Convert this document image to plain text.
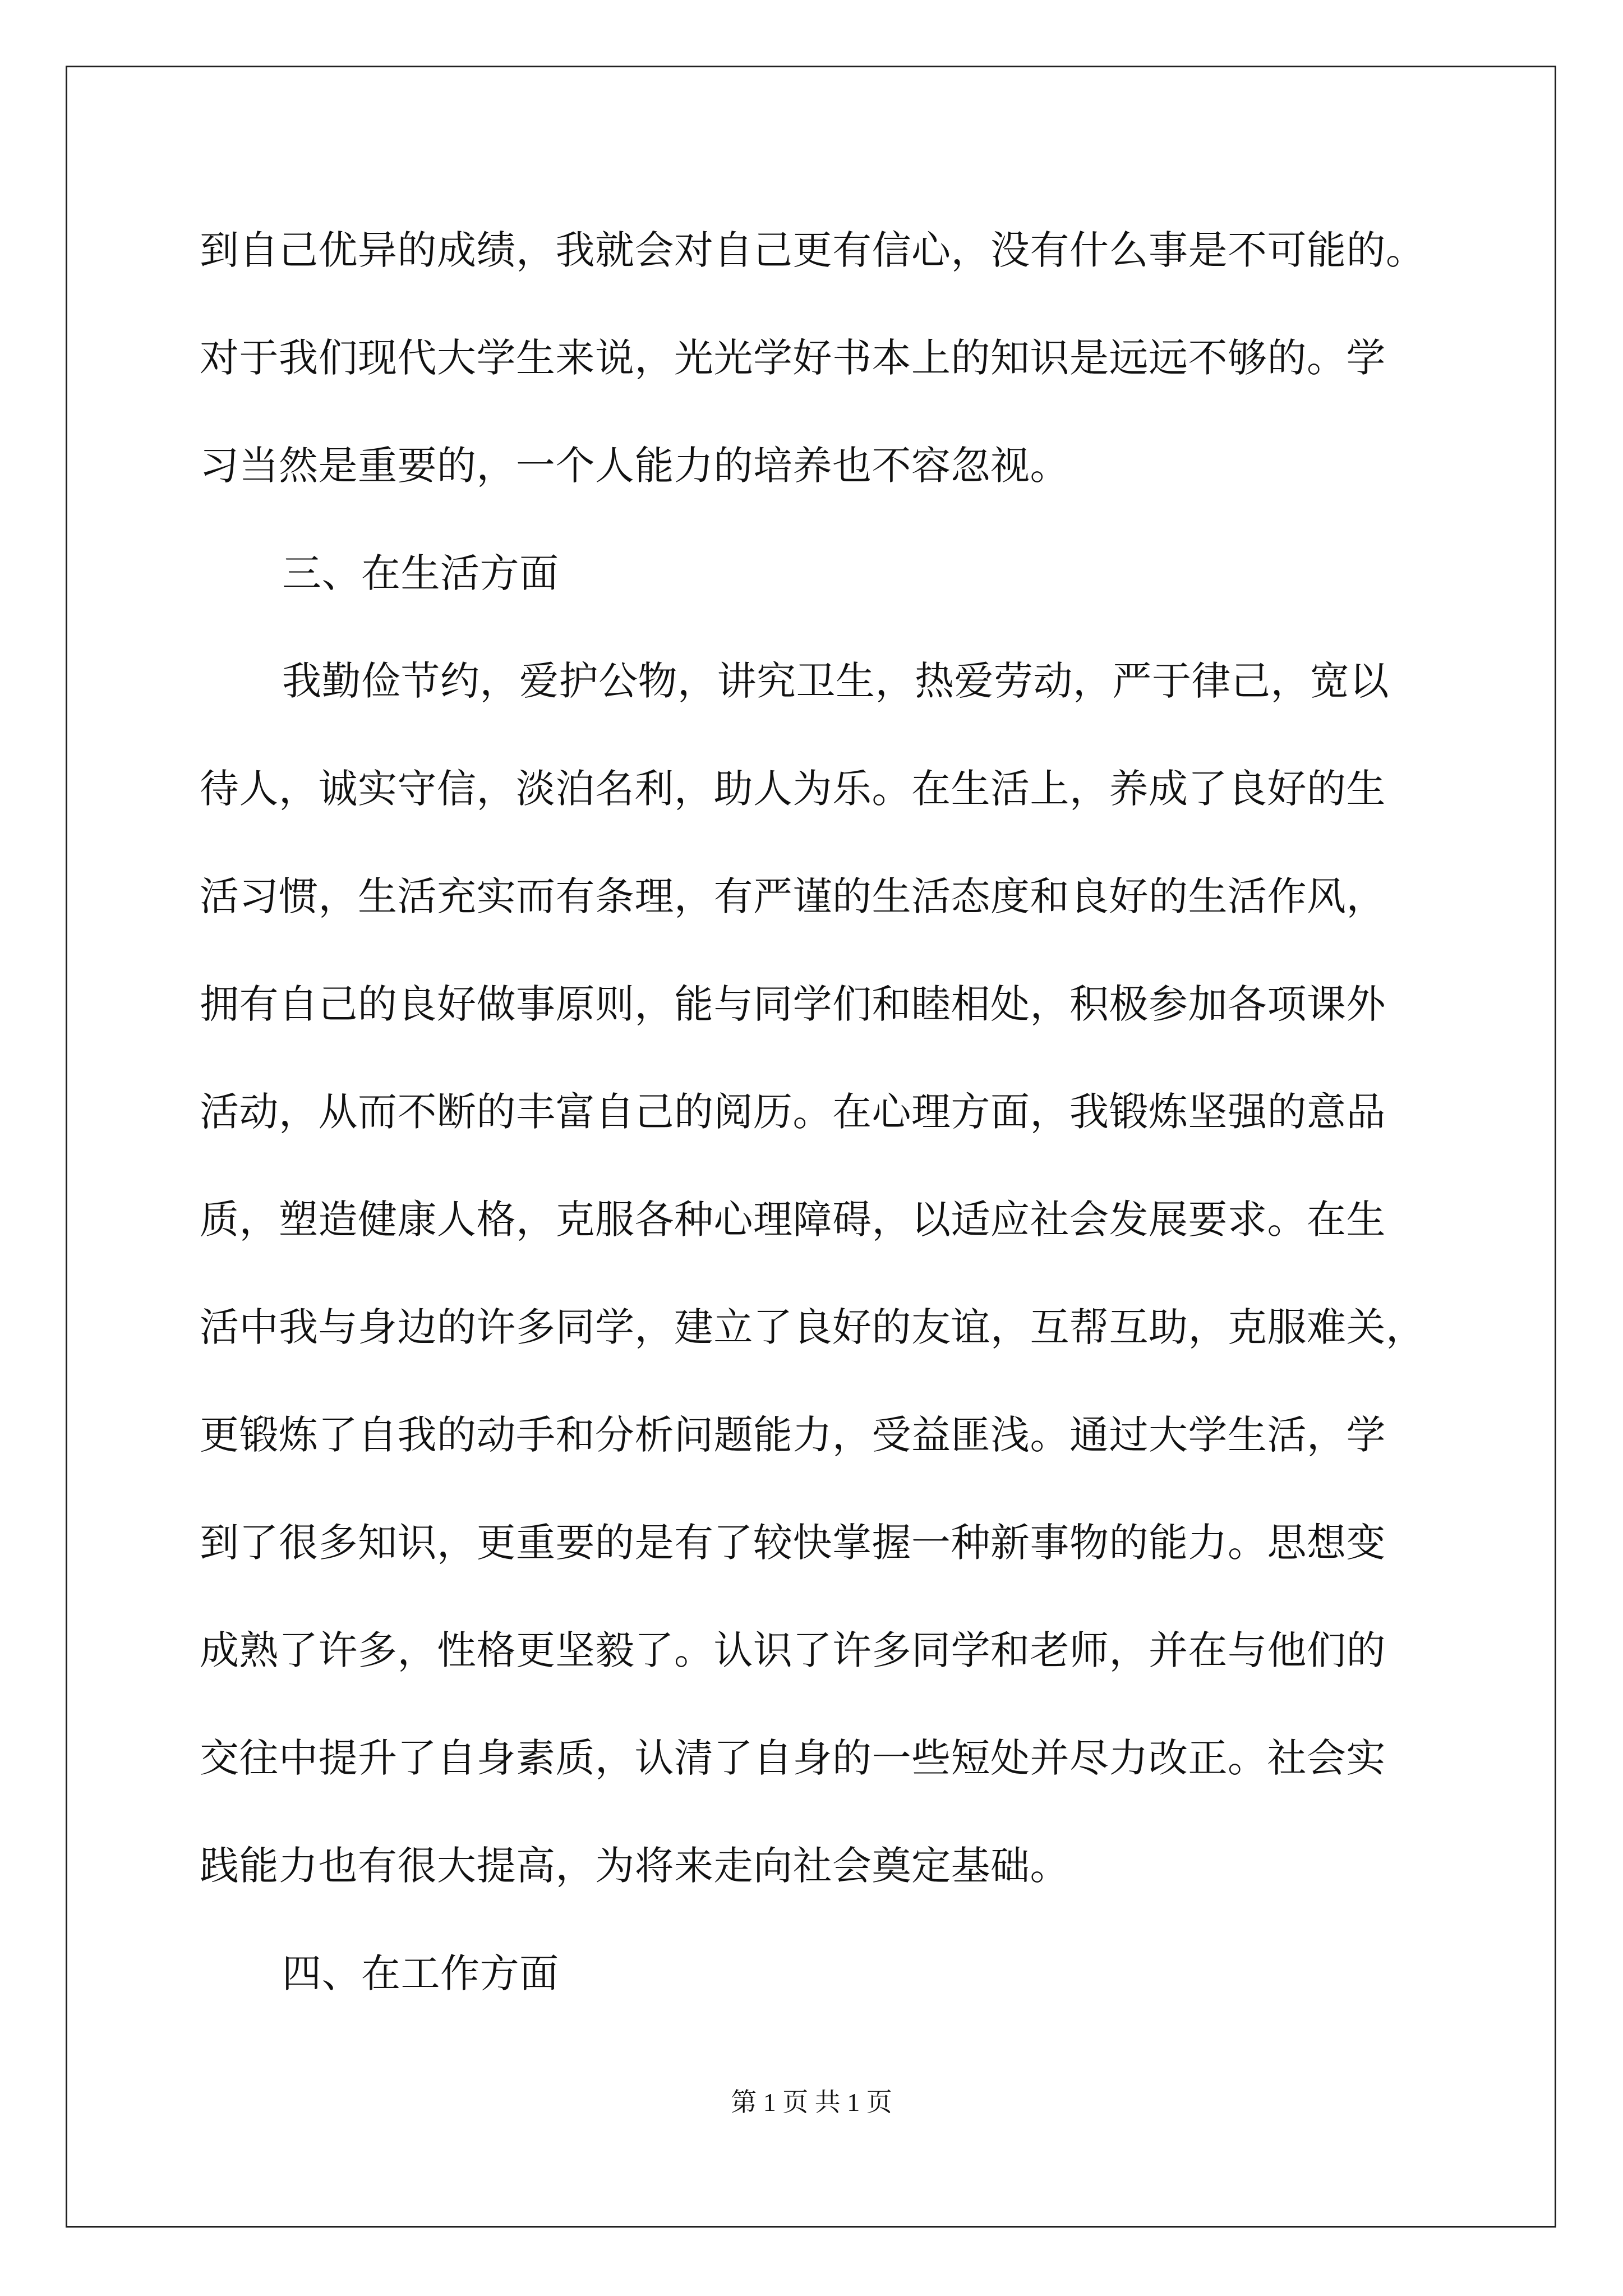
到自己优异的成绩，我就会对自己更有信心，没有什么事是不可能的。
对于我们现代大学生来说，光光学好书本上的知识是远远不够的。学
习当然是重要的，一个人能力的培养也不容忽视。
三、在生活方面
我勤俭节约，爱护公物，讲究卫生，热爱劳动，严于律己，宽以
待人，诚实守信，淡泊名利，助人为乐。在生活上，养成了良好的生
活习惯，生活充实而有条理，有严谨的生活态度和良好的生活作风，
拥有自己的良好做事原则，能与同学们和睦相处，积极参加各项课外
活动，从而不断的丰富自己的阅历。在心理方面，我锻炼坚强的意品
质，塑造健康人格，克服各种心理障碍，以适应社会发展要求。在生
活中我与身边的许多同学，建立了良好的友谊，互帮互助，克服难关，
更锻炼了自我的动手和分析问题能力，受益匪浅。通过大学生活，学
到了很多知识，更重要的是有了较快掌握一种新事物的能力。思想变
成熟了许多，性格更坚毅了。认识了许多同学和老师，并在与他们的
交往中提升了自身素质，认清了自身的一些短处并尽力改正。社会实
践能力也有很大提高，为将来走向社会奠定基础。
四、在工作方面
第 1 页 共 1 页
